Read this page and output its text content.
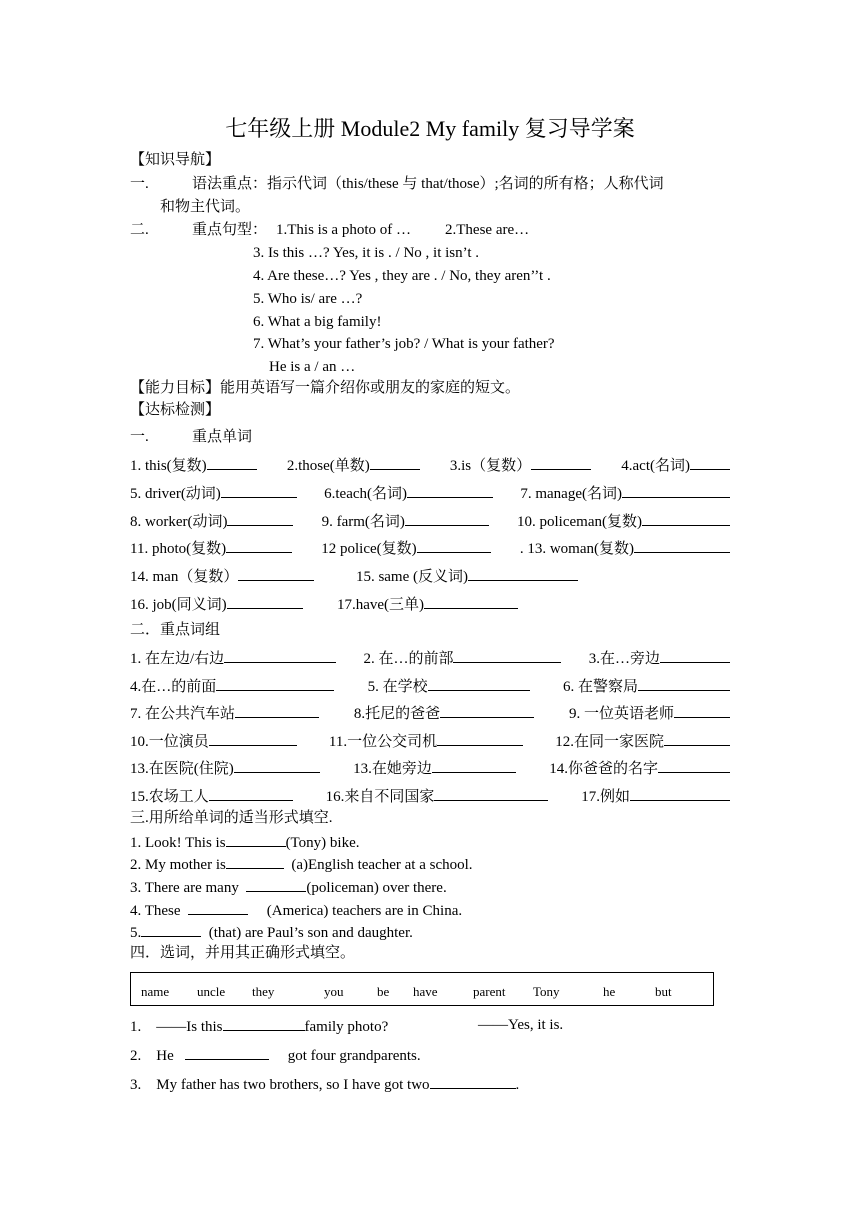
七年级上册 Module2 My family 复习导学案
【知识导航】
一.	语法重点：指示代词（this/these 与 that/those）;名词的所有格；人称代词
和物主代词。
二.	重点句型： 1.This is a photo of … 2.These are…
3. Is this …? Yes, it is . / No , it isn’t .
4. Are these…? Yes , they are . / No, they aren’’t .
5. Who is/ are …?
6. What a big family!
7. What’s your father’s job? / What is your father?
He is a / an …
【能力目标】能用英语写一篇介绍你或朋友的家庭的短文。
【达标检测】
一.	重点单词
1. this(复数)	2.those(单数)	3.is（复数）	4.act(名词)
5. driver(动词)	6.teach(名词)	7. manage(名词)
8. worker(动词)	9. farm(名词)	10. policeman(复数)
11. photo(复数)	12 police(复数)	. 13. woman(复数)
14. man（复数）	15. same (反义词)
16. job(同义词)	17.have(三单)
二．重点词组
1. 在左边/右边	2. 在…的前部	3.在…旁边
4.在…的前面	5. 在学校	6. 在警察局
7. 在公共汽车站	8.托尼的爸爸	9. 一位英语老师
10.一位演员	11.一位公交司机	12.在同一家医院
13.在医院(住院)	13.在她旁边	14.你爸爸的名字
15.农场工人	16.来自不同国家	17.例如
三.用所给单词的适当形式填空.
1. Look! This is	(Tony) bike.
2. My mother is	(a)English teacher at a school.
3. There are many	(policeman) over there.
4. These	(America) teachers are in China.
5.	(that) are Paul’s son and daughter.
四．选词，并用其正确形式填空。
name uncle they	you	be have	parent Tony	he	but
1. ——Is this	family photo?	——Yes, it is.
2. He	got four grandparents.
3. My father has two brothers, so I have got two	.
